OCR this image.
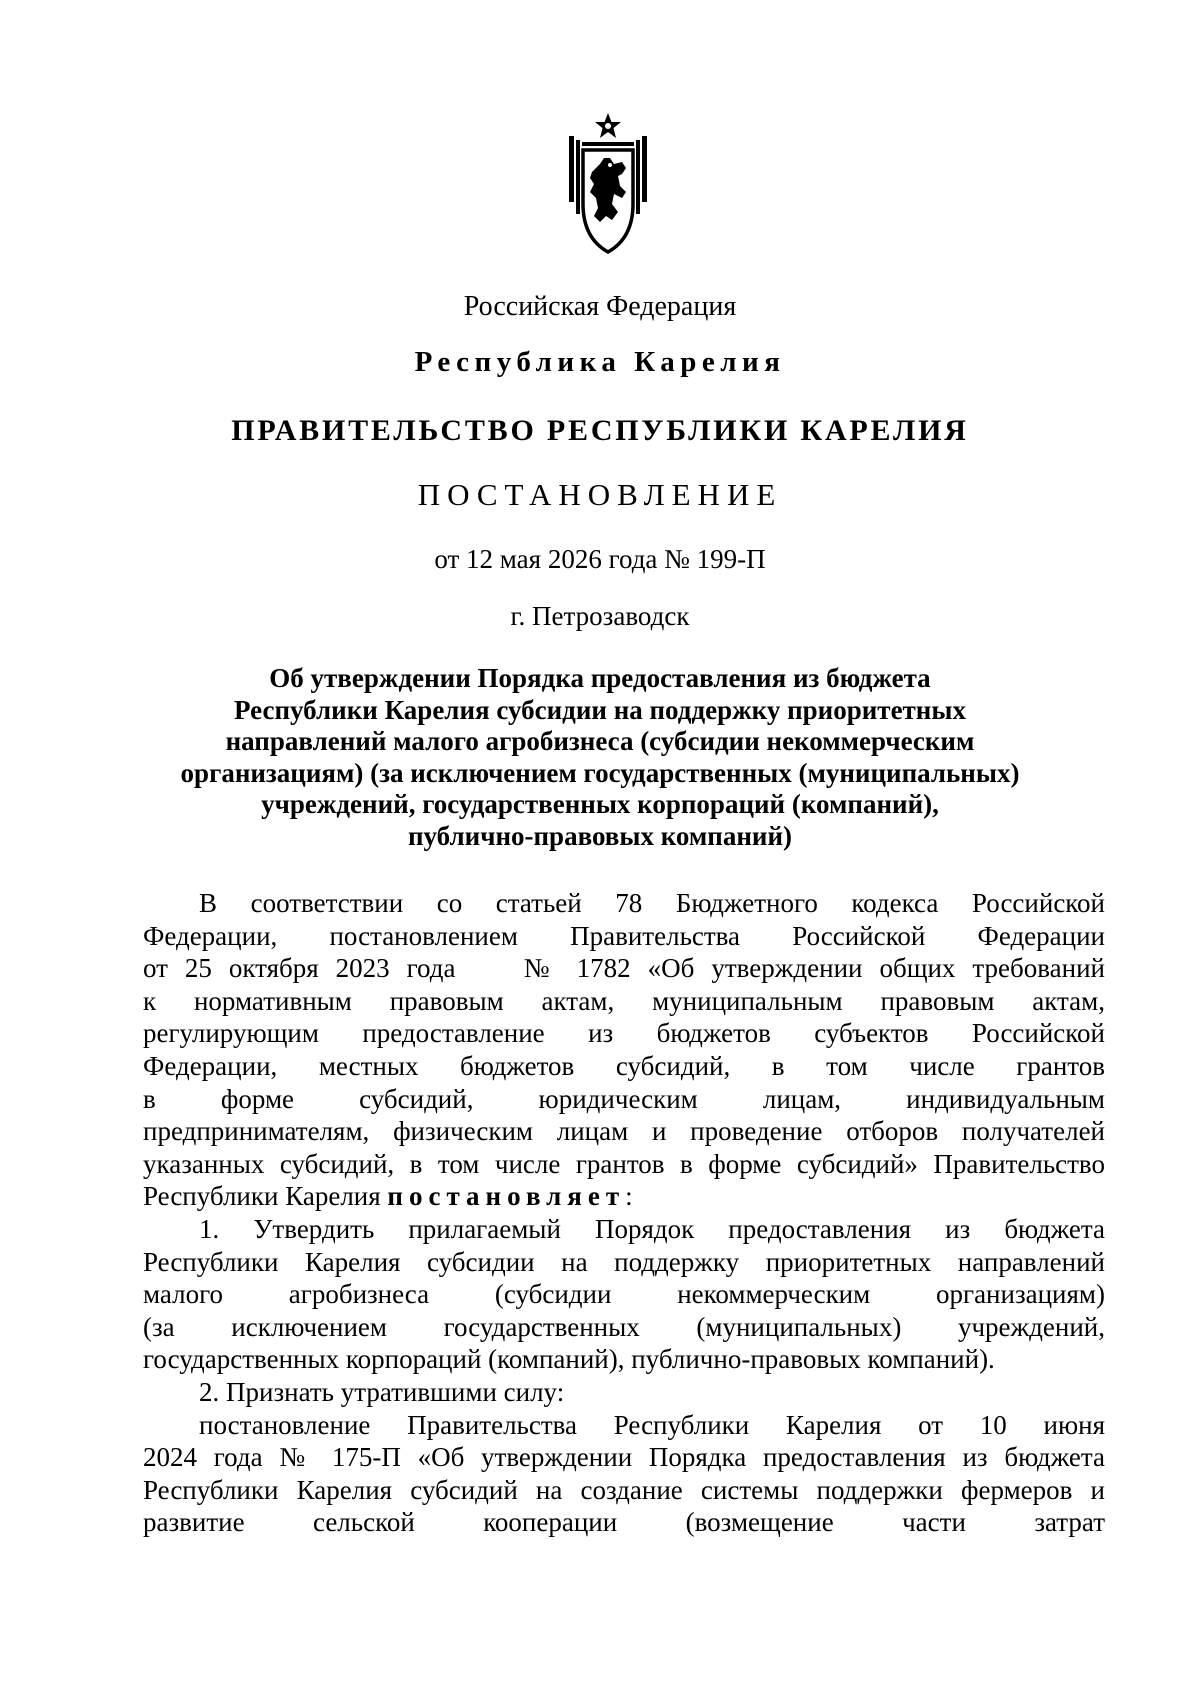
Российская Федерация
Республика Карелия
ПРАВИТЕЛЬСТВО РЕСПУБЛИКИ КАРЕЛИЯ
ПОСТАНОВЛЕНИЕ
от 12 мая 2026 года № 199-П
г. Петрозаводск
Об утверждении Порядка предоставления из бюджета
Республики Карелия субсидии на поддержку приоритетных
направлений малого агробизнеса (субсидии некоммерческим
организациям) (за исключением государственных (муниципальных)
учреждений, государственных корпораций (компаний),
публично-правовых компаний)
В соответствии со статьей 78 Бюджетного кодекса Российской
Федерации, постановлением Правительства Российской Федерации
от 25 октября 2023 года № 1782 «Об утверждении общих требований
к нормативным правовым актам, муниципальным правовым актам,
регулирующим предоставление из бюджетов субъектов Российской
Федерации, местных бюджетов субсидий, в том числе грантов
в форме субсидий, юридическим лицам, индивидуальным
предпринимателям, физическим лицам и проведение отборов получателей
указанных субсидий, в том числе грантов в форме субсидий» Правительство
Республики Карелия постановляет:
1. Утвердить прилагаемый Порядок предоставления из бюджета
Республики Карелия субсидии на поддержку приоритетных направлений
малого агробизнеса (субсидии некоммерческим организациям)
(за исключением государственных (муниципальных) учреждений,
государственных корпораций (компаний), публично-правовых компаний).
2. Признать утратившими силу:
постановление Правительства Республики Карелия от 10 июня
2024 года № 175-П «Об утверждении Порядка предоставления из бюджета
Республики Карелия субсидий на создание системы поддержки фермеров и
развитие сельской кооперации (возмещение части затрат
